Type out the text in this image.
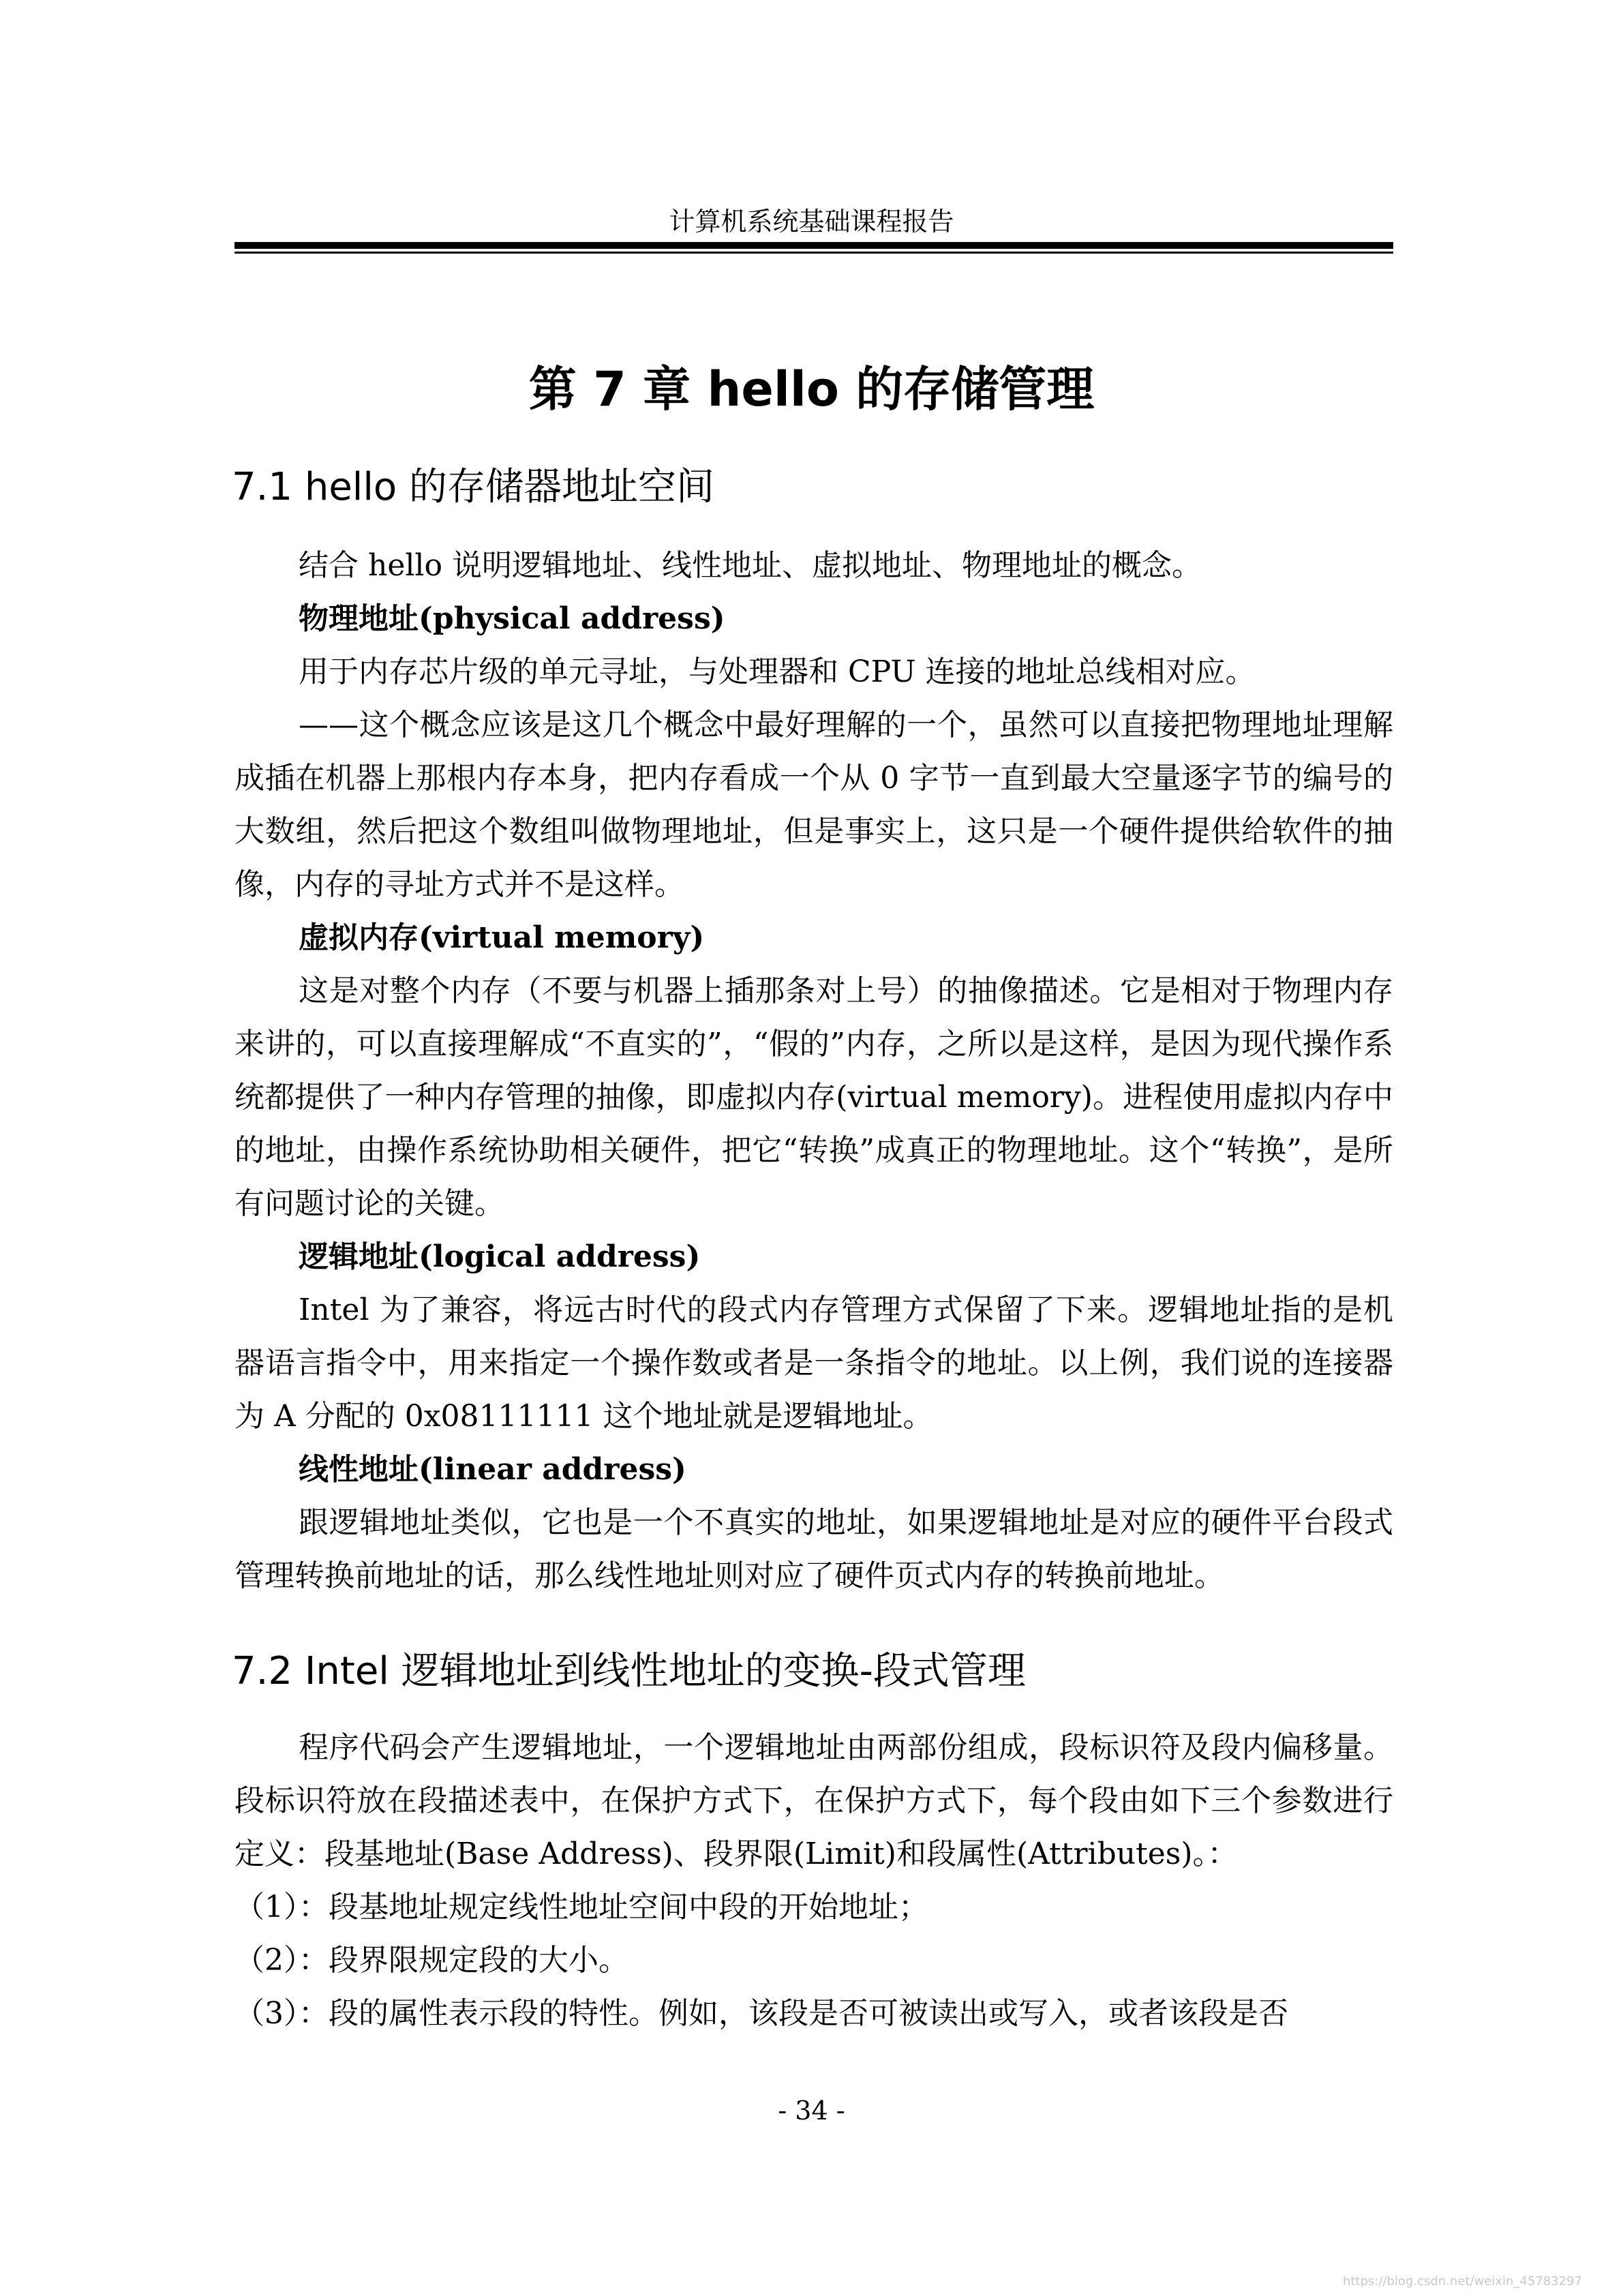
计算机系统基础课程报告
第 7 章 hello 的存储管理
7.1 hello 的存储器地址空间

结合 hello 说明逻辑地址、线性地址、虚拟地址、物理地址的概念。

物理地址(physical address)

用于内存芯片级的单元寻址，与处理器和 CPU 连接的地址总线相对应。

——这个概念应该是这几个概念中最好理解的一个，虽然可以直接把物理地址理解成插在机器上那根内存本身，把内存看成一个从 0 字节一直到最大空量逐字节的编号的大数组，然后把这个数组叫做物理地址，但是事实上，这只是一个硬件提供给软件的抽像，内存的寻址方式并不是这样。

虚拟内存(virtual memory)

这是对整个内存（不要与机器上插那条对上号）的抽像描述。它是相对于物理内存来讲的，可以直接理解成“不直实的”，“假的”内存，之所以是这样，是因为现代操作系统都提供了一种内存管理的抽像，即虚拟内存(virtual memory)。进程使用虚拟内存中的地址，由操作系统协助相关硬件，把它“转换”成真正的物理地址。这个“转换”，是所有问题讨论的关键。

逻辑地址(logical address)

Intel 为了兼容，将远古时代的段式内存管理方式保留了下来。逻辑地址指的是机器语言指令中，用来指定一个操作数或者是一条指令的地址。以上例，我们说的连接器为 A 分配的 0x08111111 这个地址就是逻辑地址。

线性地址(linear address)

跟逻辑地址类似，它也是一个不真实的地址，如果逻辑地址是对应的硬件平台段式管理转换前地址的话，那么线性地址则对应了硬件页式内存的转换前地址。

7.2 Intel 逻辑地址到线性地址的变换-段式管理

程序代码会产生逻辑地址，一个逻辑地址由两部份组成，段标识符及段内偏移量。段标识符放在段描述表中，在保护方式下，在保护方式下，每个段由如下三个参数进行定义：段基地址(Base Address)、段界限(Limit)和段属性(Attributes)。：

（1）：段基地址规定线性地址空间中段的开始地址；

（2）：段界限规定段的大小。

（3）：段的属性表示段的特性。例如，该段是否可被读出或写入，或者该段是否

- 34 -
https://blog.csdn.net/weixin_45783297
